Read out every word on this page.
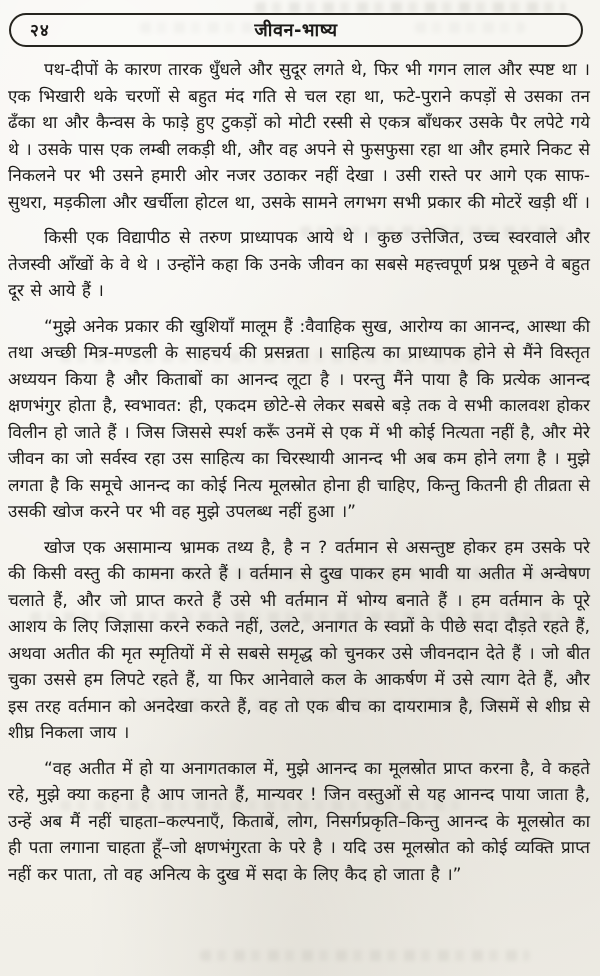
२४	जीवन-भाष्य

पथ-दीपों के कारण तारक धुँधले और सुदूर लगते थे, फिर भी गगन लाल और स्पष्ट था । एक भिखारी थके चरणों से बहुत मंद गति से चल रहा था, फटे-पुराने कपड़ों से उसका तन ढँका था और कैन्वस के फाड़े हुए टुकड़ों को मोटी रस्सी से एकत्र बाँधकर उसके पैर लपेटे गये थे । उसके पास एक लम्बी लकड़ी थी, और वह अपने से फुसफुसा रहा था और हमारे निकट से निकलने पर भी उसने हमारी ओर नजर उठाकर नहीं देखा । उसी रास्ते पर आगे एक साफ-सुथरा, मड़कीला और खर्चीला होटल था, उसके सामने लगभग सभी प्रकार की मोटरें खड़ी थीं ।

किसी एक विद्यापीठ से तरुण प्राध्यापक आये थे । कुछ उत्तेजित, उच्च स्वरवाले और तेजस्वी आँखों के वे थे । उन्होंने कहा कि उनके जीवन का सबसे महत्त्वपूर्ण प्रश्न पूछने वे बहुत दूर से आये हैं ।

“मुझे अनेक प्रकार की खुशियाँ मालूम हैं :वैवाहिक सुख, आरोग्य का आनन्द, आस्था की तथा अच्छी मित्र-मण्डली के साहचर्य की प्रसन्नता । साहित्य का प्राध्यापक होने से मैंने विस्तृत अध्ययन किया है और किताबों का आनन्द लूटा है । परन्तु मैंने पाया है कि प्रत्येक आनन्द क्षणभंगुर होता है, स्वभावत: ही, एकदम छोटे-से लेकर सबसे बड़े तक वे सभी कालवश होकर विलीन हो जाते हैं । जिस जिससे स्पर्श करूँ उनमें से एक में भी कोई नित्यता नहीं है, और मेरे जीवन का जो सर्वस्व रहा उस साहित्य का चिरस्थायी आनन्द भी अब कम होने लगा है । मुझे लगता है कि समूचे आनन्द का कोई नित्य मूलस्रोत होना ही चाहिए, किन्तु कितनी ही तीव्रता से उसकी खोज करने पर भी वह मुझे उपलब्ध नहीं हुआ ।”

खोज एक असामान्य भ्रामक तथ्य है, है न ? वर्तमान से असन्तुष्ट होकर हम उसके परे की किसी वस्तु की कामना करते हैं । वर्तमान से दुख पाकर हम भावी या अतीत में अन्वेषण चलाते हैं, और जो प्राप्त करते हैं उसे भी वर्तमान में भोग्य बनाते हैं । हम वर्तमान के पूरे आशय के लिए जिज्ञासा करने रुकते नहीं, उलटे, अनागत के स्वप्नों के पीछे सदा दौड़ते रहते हैं, अथवा अतीत की मृत स्मृतियों में से सबसे समृद्ध को चुनकर उसे जीवनदान देते हैं । जो बीत चुका उससे हम लिपटे रहते हैं, या फिर आनेवाले कल के आकर्षण में उसे त्याग देते हैं, और इस तरह वर्तमान को अनदेखा करते हैं, वह तो एक बीच का दायरामात्र है, जिसमें से शीघ्र से शीघ्र निकला जाय ।

“वह अतीत में हो या अनागतकाल में, मुझे आनन्द का मूलस्रोत प्राप्त करना है, वे कहते रहे, मुझे क्या कहना है आप जानते हैं, मान्यवर ! जिन वस्तुओं से यह आनन्द पाया जाता है, उन्हें अब मैं नहीं चाहता–कल्पनाएँ, किताबें, लोग, निसर्गप्रकृति–किन्तु आनन्द के मूलस्रोत का ही पता लगाना चाहता हूँ–जो क्षणभंगुरता के परे है । यदि उस मूलस्रोत को कोई व्यक्ति प्राप्त नहीं कर पाता, तो वह अनित्य के दुख में सदा के लिए कैद हो जाता है ।”
